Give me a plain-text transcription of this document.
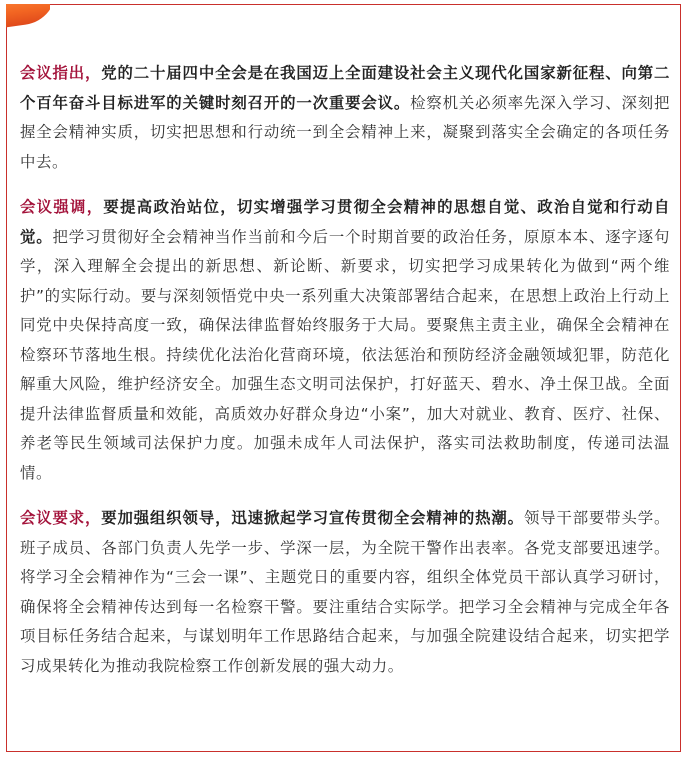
会议指出，党的二十届四中全会是在我国迈上全面建设社会主义现代化国家新征程、向第二个百年奋斗目标进军的关键时刻召开的一次重要会议。检察机关必须率先深入学习、深刻把握全会精神实质，切实把思想和行动统一到全会精神上来，凝聚到落实全会确定的各项任务中去。

会议强调，要提高政治站位，切实增强学习贯彻全会精神的思想自觉、政治自觉和行动自觉。把学习贯彻好全会精神当作当前和今后一个时期首要的政治任务，原原本本、逐字逐句学，深入理解全会提出的新思想、新论断、新要求，切实把学习成果转化为做到“两个维护”的实际行动。要与深刻领悟党中央一系列重大决策部署结合起来，在思想上政治上行动上同党中央保持高度一致，确保法律监督始终服务于大局。要聚焦主责主业，确保全会精神在检察环节落地生根。持续优化法治化营商环境，依法惩治和预防经济金融领域犯罪，防范化解重大风险，维护经济安全。加强生态文明司法保护，打好蓝天、碧水、净土保卫战。全面提升法律监督质量和效能，高质效办好群众身边“小案”，加大对就业、教育、医疗、社保、养老等民生领域司法保护力度。加强未成年人司法保护，落实司法救助制度，传递司法温情。

会议要求，要加强组织领导，迅速掀起学习宣传贯彻全会精神的热潮。领导干部要带头学。班子成员、各部门负责人先学一步、学深一层，为全院干警作出表率。各党支部要迅速学。将学习全会精神作为“三会一课”、主题党日的重要内容，组织全体党员干部认真学习研讨，确保将全会精神传达到每一名检察干警。要注重结合实际学。把学习全会精神与完成全年各项目标任务结合起来，与谋划明年工作思路结合起来，与加强全院建设结合起来，切实把学习成果转化为推动我院检察工作创新发展的强大动力。
